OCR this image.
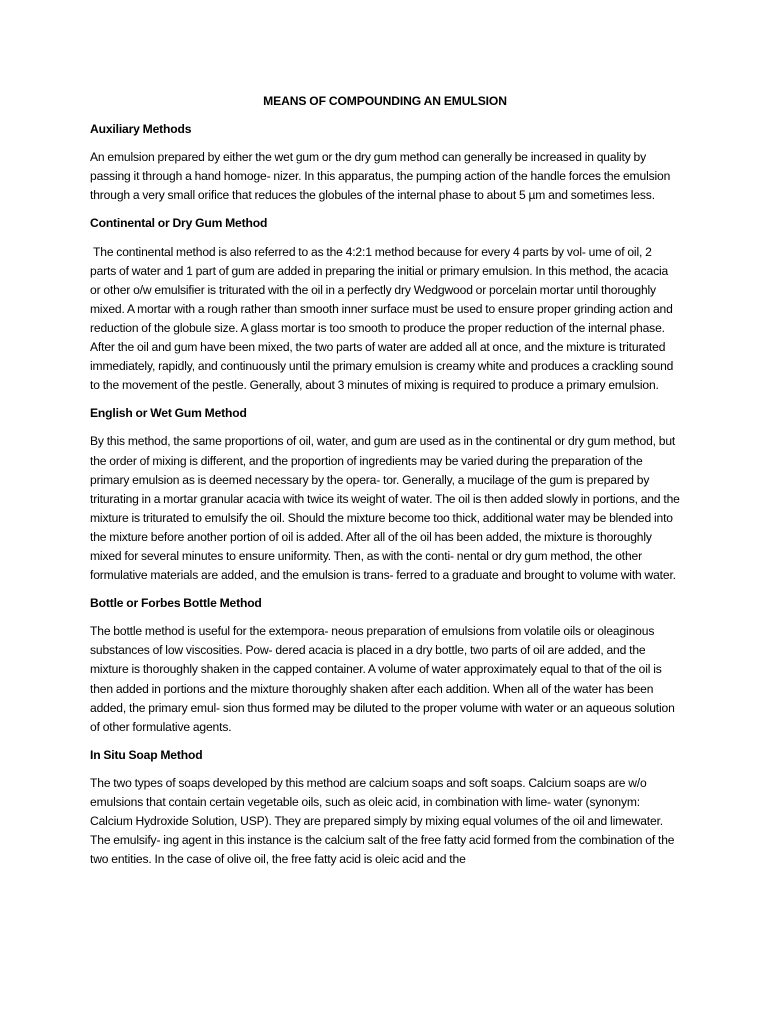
MEANS OF COMPOUNDING AN EMULSION
Auxiliary Methods
An emulsion prepared by either the wet gum or the dry gum method can generally be increased in quality by passing it through a hand homoge- nizer. In this apparatus, the pumping action of the handle forces the emulsion through a very small orifice that reduces the globules of the internal phase to about 5 µm and sometimes less.
Continental or Dry Gum Method
The continental method is also referred to as the 4:2:1 method because for every 4 parts by vol- ume of oil, 2 parts of water and 1 part of gum are added in preparing the initial or primary emulsion. In this method, the acacia or other o/w emulsifier is triturated with the oil in a perfectly dry Wedgwood or porcelain mortar until thoroughly mixed. A mortar with a rough rather than smooth inner surface must be used to ensure proper grinding action and reduction of the globule size. A glass mortar is too smooth to produce the proper reduction of the internal phase. After the oil and gum have been mixed, the two parts of water are added all at once, and the mixture is triturated immediately, rapidly, and continuously until the primary emulsion is creamy white and produces a crackling sound to the movement of the pestle. Generally, about 3 minutes of mixing is required to produce a primary emulsion.
English or Wet Gum Method
By this method, the same proportions of oil, water, and gum are used as in the continental or dry gum method, but the order of mixing is different, and the proportion of ingredients may be varied during the preparation of the primary emulsion as is deemed necessary by the opera- tor. Generally, a mucilage of the gum is prepared by triturating in a mortar granular acacia with twice its weight of water. The oil is then added slowly in portions, and the mixture is triturated to emulsify the oil. Should the mixture become too thick, additional water may be blended into the mixture before another portion of oil is added. After all of the oil has been added, the mixture is thoroughly mixed for several minutes to ensure uniformity. Then, as with the conti- nental or dry gum method, the other formulative materials are added, and the emulsion is trans- ferred to a graduate and brought to volume with water.
Bottle or Forbes Bottle Method
The bottle method is useful for the extempora- neous preparation of emulsions from volatile oils or oleaginous substances of low viscosities. Pow- dered acacia is placed in a dry bottle, two parts of oil are added, and the mixture is thoroughly shaken in the capped container. A volume of water approximately equal to that of the oil is then added in portions and the mixture thoroughly shaken after each addition. When all of the water has been added, the primary emul- sion thus formed may be diluted to the proper volume with water or an aqueous solution of other formulative agents.
In Situ Soap Method
The two types of soaps developed by this method are calcium soaps and soft soaps. Calcium soaps are w/o emulsions that contain certain vegetable oils, such as oleic acid, in combination with lime- water (synonym: Calcium Hydroxide Solution, USP). They are prepared simply by mixing equal volumes of the oil and limewater. The emulsify- ing agent in this instance is the calcium salt of the free fatty acid formed from the combination of the two entities. In the case of olive oil, the free fatty acid is oleic acid and the
